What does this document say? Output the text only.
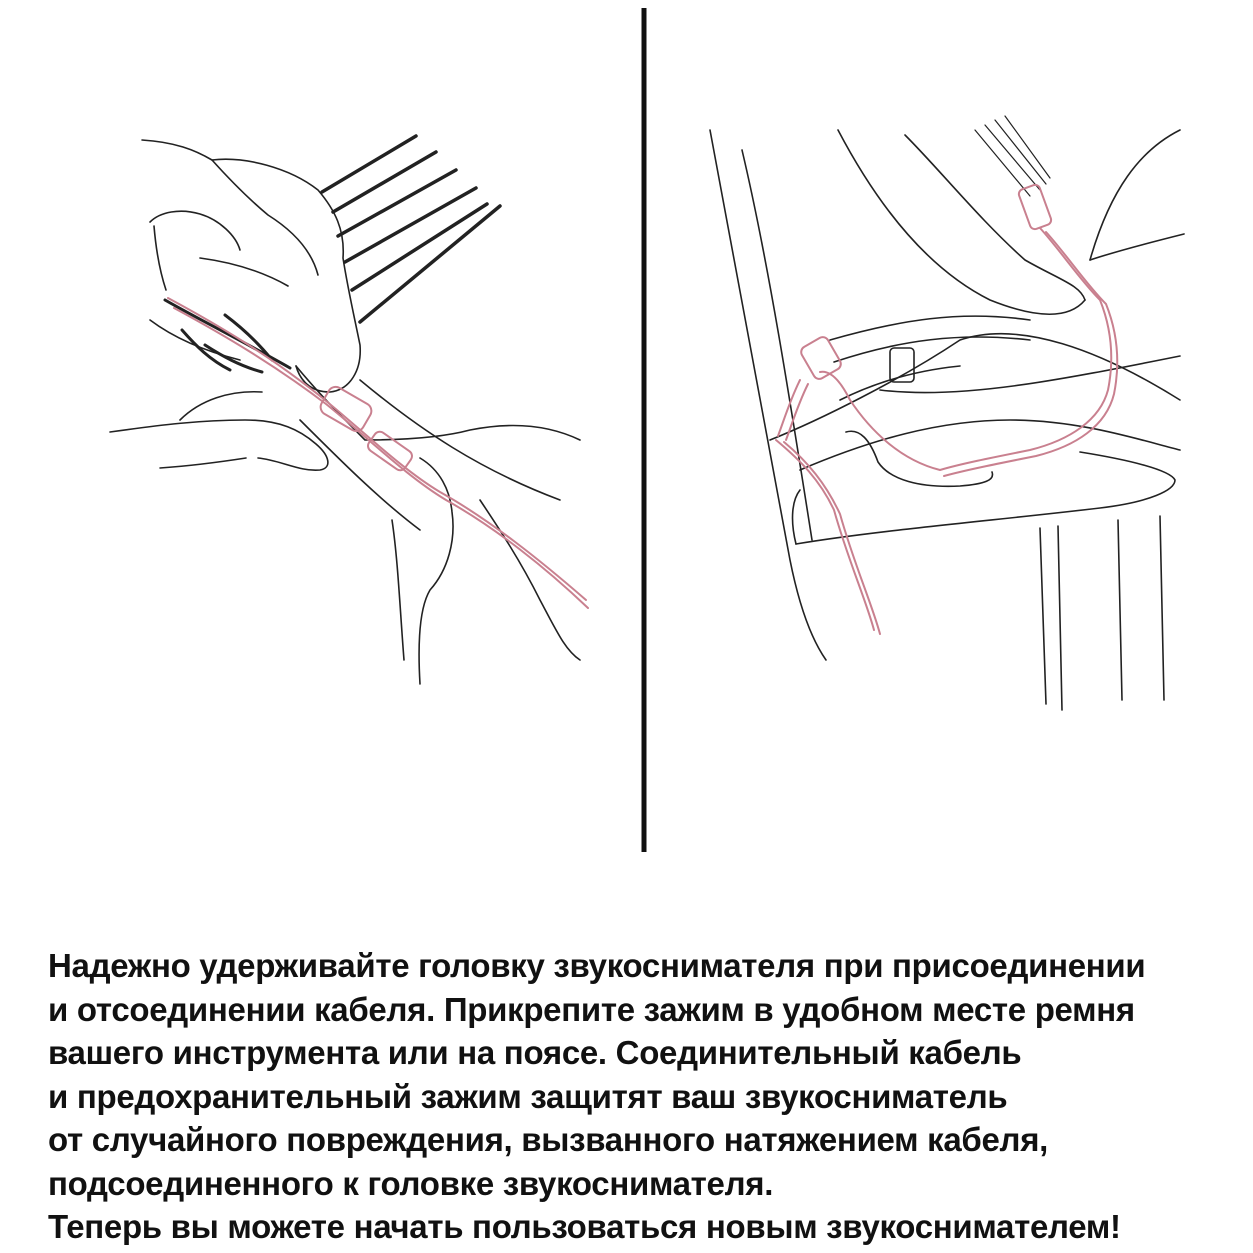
Надежно удерживайте головку звукоснимателя при присоединении
и отсоединении кабеля. Прикрепите зажим в удобном месте ремня
вашего инструмента или на поясе. Соединительный кабель
и предохранительный зажим защитят ваш звукосниматель
от случайного повреждения, вызванного натяжением кабеля,
подсоединенного к головке звукоснимателя.
Теперь вы можете начать пользоваться новым звукоснимателем!
